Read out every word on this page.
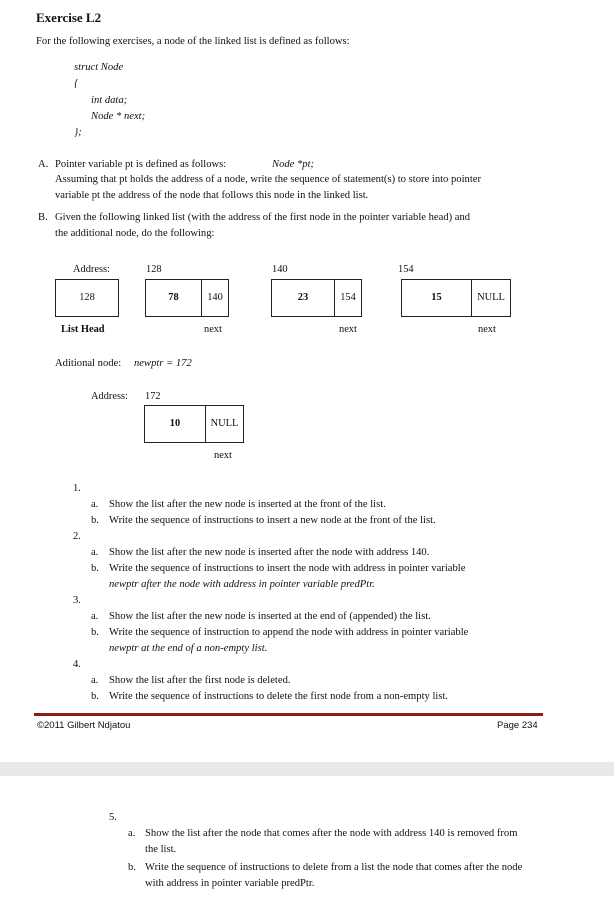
Exercise L2
For the following exercises, a node of the linked list is defined as follows:
struct Node
{
int data;
Node * next;
};
A. Pointer variable pt is defined as follows:	Node *pt;
Assuming that pt holds the address of a node, write the sequence of statement(s) to store into pointer
variable pt the address of the node that follows this node in the linked list.
B. Given the following linked list (with the address of the first node in the pointer variable head) and
the additional node, do the following:
Address:	128	140	154
128	78	140	23	154	15	NULL
List Head	next	next	next
Aditional node: newptr = 172
Address: 172
10	NULL
next
1.
a. Show the list after the new node is inserted at the front of the list.
b. Write the sequence of instructions to insert a new node at the front of the list.
2.
a. Show the list after the new node is inserted after the node with address 140.
b. Write the sequence of instructions to insert the node with address in pointer variable
newptr after the node with address in pointer variable predPtr.
3.
a. Show the list after the new node is inserted at the end of (appended) the list.
b. Write the sequence of instruction to append the node with address in pointer variable
newptr at the end of a non-empty list.
4.
a. Show the list after the first node is deleted.
b. Write the sequence of instructions to delete the first node from a non-empty list.
©2011 Gilbert Ndjatou	Page 234
5.
a. Show the list after the node that comes after the node with address 140 is removed from
the list.
b. Write the sequence of instructions to delete from a list the node that comes after the node
with address in pointer variable predPtr.
